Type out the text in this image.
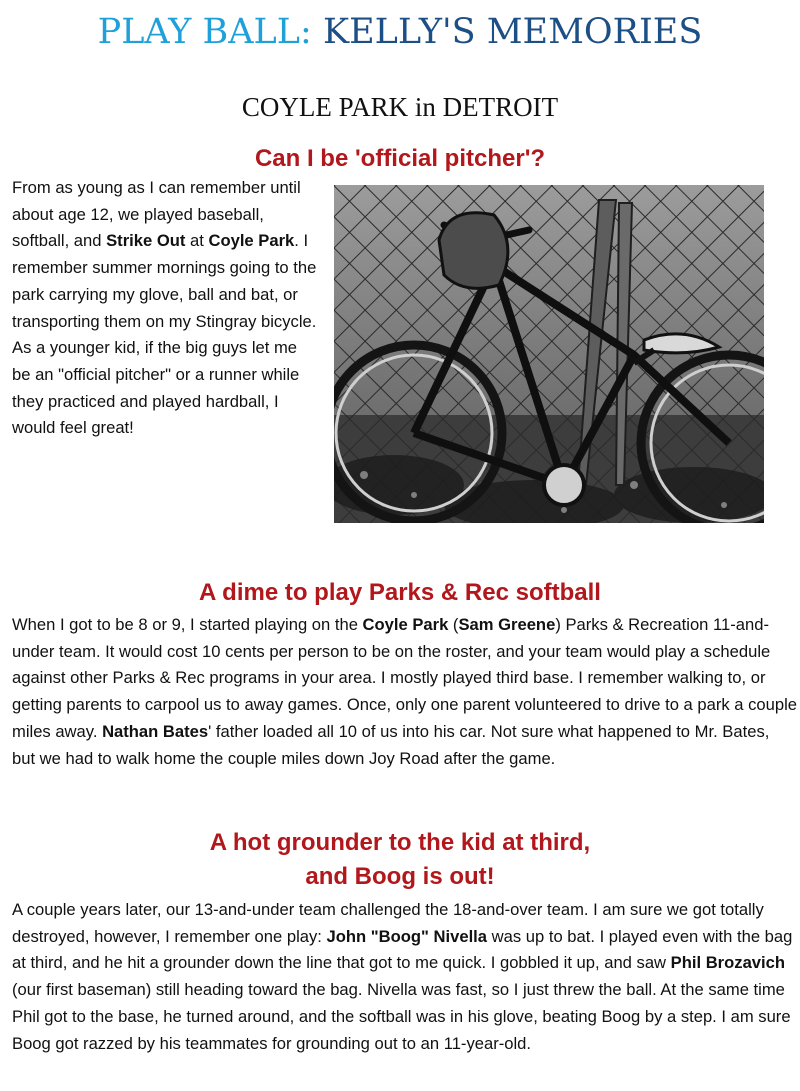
PLAY BALL: KELLY'S MEMORIES
COYLE PARK in DETROIT
Can I be 'official pitcher'?

From as young as I can remember until about age 12, we played baseball, softball, and Strike Out at Coyle Park. I remember summer mornings going to the park carrying my glove, ball and bat, or transporting them on my Stingray bicycle. As a younger kid, if the big guys let me be an "official pitcher" or a runner while they practiced and played hardball, I would feel great!

A dime to play Parks & Rec softball

When I got to be 8 or 9, I started playing on the Coyle Park (Sam Greene) Parks & Recreation 11-and-under team. It would cost 10 cents per person to be on the roster, and your team would play a schedule against other Parks & Rec programs in your area. I mostly played third base. I remember walking to, or getting parents to carpool us to away games. Once, only one parent volunteered to drive to a park a couple miles away. Nathan Bates' father loaded all 10 of us into his car. Not sure what happened to Mr. Bates, but we had to walk home the couple miles down Joy Road after the game.

A hot grounder to the kid at third,
and Boog is out!

A couple years later, our 13-and-under team challenged the 18-and-over team. I am sure we got totally destroyed, however, I remember one play: John "Boog" Nivella was up to bat. I played even with the bag at third, and he hit a grounder down the line that got to me quick. I gobbled it up, and saw Phil Brozavich (our first baseman) still heading toward the bag. Nivella was fast, so I just threw the ball. At the same time Phil got to the base, he turned around, and the softball was in his glove, beating Boog by a step. I am sure Boog got razzed by his teammates for grounding out to an 11-year-old.
